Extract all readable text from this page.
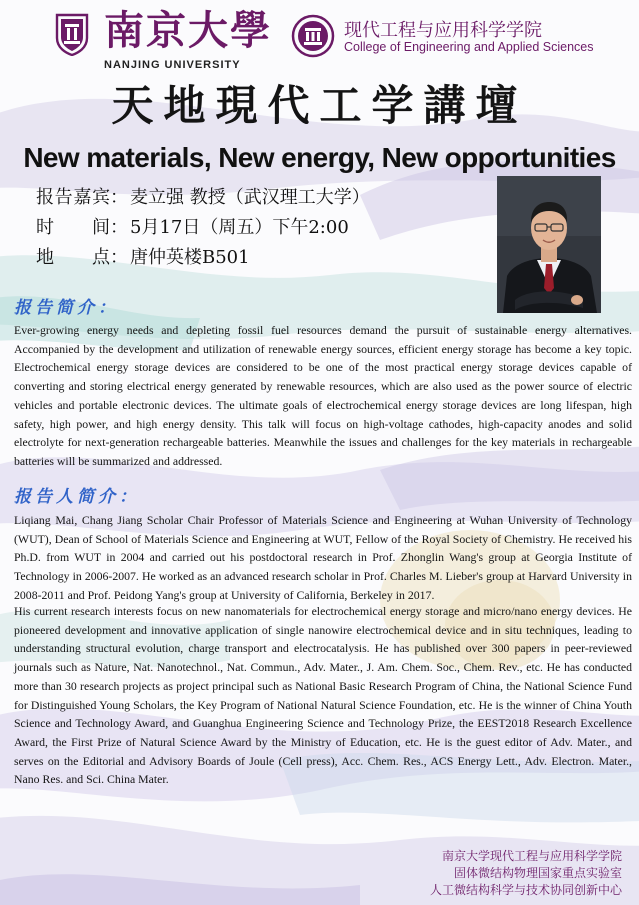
南京大學
NANJING UNIVERSITY
现代工程与应用科学学院
College of Engineering and Applied Sciences
天地現代工学講壇
New materials, New energy, New opportunities
报告嘉宾： 麦立强 教授（武汉理工大学）
时 间： 5月17日（周五）下午2:00
地 点： 唐仲英楼B501
报告简介：

Ever-growing energy needs and depleting fossil fuel resources demand the pursuit of sustainable energy alternatives. Accompanied by the development and utilization of renewable energy sources, efficient energy storage has become a key topic. Electrochemical energy storage devices are considered to be one of the most practical energy storage devices capable of converting and storing electrical energy generated by renewable resources, which are also used as the power source of electric vehicles and portable electronic devices. The ultimate goals of electrochemical energy storage devices are long lifespan, high safety, high power, and high energy density. This talk will focus on high-voltage cathodes, high-capacity anodes and solid electrolyte for next-generation rechargeable batteries. Meanwhile the issues and challenges for the key materials in rechargeable batteries will be summarized and addressed.

报告人简介：

Liqiang Mai, Chang Jiang Scholar Chair Professor of Materials Science and Engineering at Wuhan University of Technology (WUT), Dean of School of Materials Science and Engineering at WUT, Fellow of the Royal Society of Chemistry. He received his Ph.D. from WUT in 2004 and carried out his postdoctoral research in Prof. Zhonglin Wang's group at Georgia Institute of Technology in 2006-2007. He worked as an advanced research scholar in Prof. Charles M. Lieber's group at Harvard University in 2008-2011 and Prof. Peidong Yang's group at University of California, Berkeley in 2017.

His current research interests focus on new nanomaterials for electrochemical energy storage and micro/nano energy devices. He pioneered development and innovative application of single nanowire electrochemical device and in situ techniques, leading to understanding structural evolution, charge transport and electrocatalysis. He has published over 300 papers in peer-reviewed journals such as Nature, Nat. Nanotechnol., Nat. Commun., Adv. Mater., J. Am. Chem. Soc., Chem. Rev., etc. He has conducted more than 30 research projects as project principal such as National Basic Research Program of China, the National Science Fund for Distinguished Young Scholars, the Key Program of National Natural Science Foundation, etc. He is the winner of China Youth Science and Technology Award, and Guanghua Engineering Science and Technology Prize, the EEST2018 Research Excellence Award, the First Prize of Natural Science Award by the Ministry of Education, etc. He is the guest editor of Adv. Mater., and serves on the Editorial and Advisory Boards of Joule (Cell press), Acc. Chem. Res., ACS Energy Lett., Adv. Electron. Mater., Nano Res. and Sci. China Mater.

南京大学现代工程与应用科学学院
固体微结构物理国家重点实验室
人工微结构科学与技术协同创新中心
